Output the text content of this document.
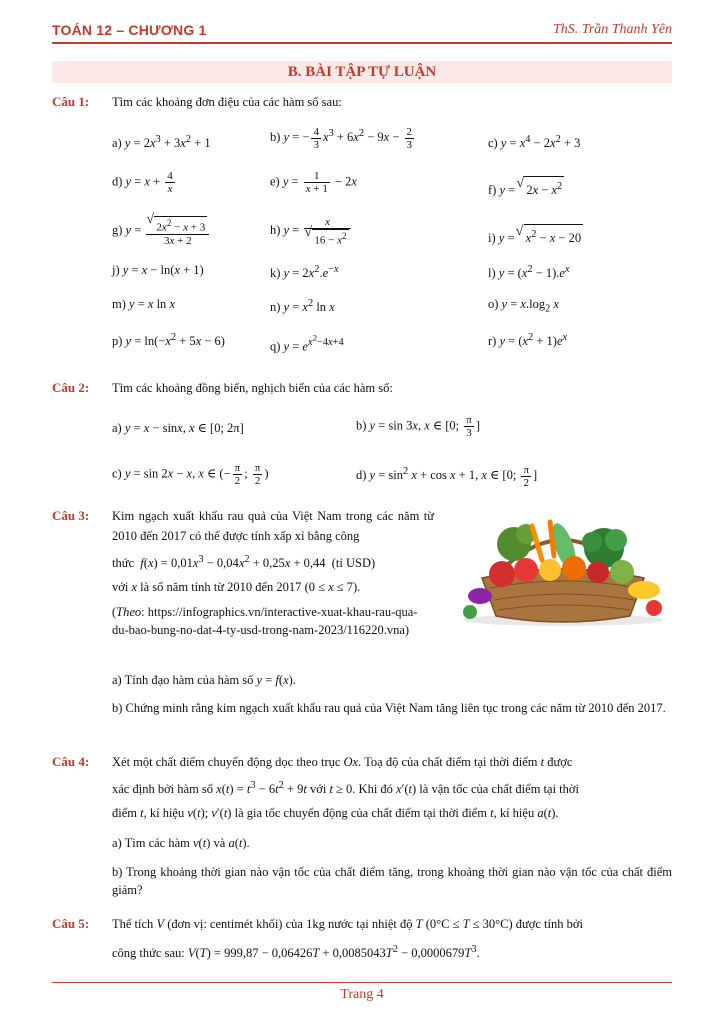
TOÁN 12 – CHƯƠNG 1	ThS. Trần Thanh Yên
B. BÀI TẬP TỰ LUẬN
Câu 1: Tìm các khoảng đơn điệu của các hàm số sau:
a) $y = 2x^3 + 3x^2 + 1$	b) y = − $\frac{4}{3} x^3 + 6x^2 - 9x - \frac{2}{3}$	c) $y = x^4 - 2x^2 + 3$
d) $y = x + \frac{4}{x}$	e) $y = \frac{1}{x + 1} - 2x$
f) y = √ $2x - x^2$
g) y =
√ $\frac{2x^2 - x + 3}{3x + 2}$	h) y = x
√ $16 - x^2$	i) y = √ $x^2 - x - 20$
j) y = x − ln(x + 1)	k) $y = 2x^2.e^{-x}$	l) $y = (x^2 - 1).e^x$
m) y = x ln x	n) $y = x^2$ ln x	o) $y = x.\log_2$ x
p) $y = \ln(-x^2 + 5x - 6)$	q) $y = e^{x^2-4x+4}$	r) $y = (x^2 + 1)e^x$
Câu 2: Tìm các khoảng đồng biến, nghịch biến của các hàm số:
a) y = x − sinx, x ∈ [0; 2π]	b) y = sin 3x, x ∈ [0; $\frac{\pi}{3}$ ]
c) y = sin 2x − x, x ∈ (− $\frac{\pi}{2}$ ; $\frac{\pi}{2}$ )	d) $y = \sin^2 x + \cos x + 1$, x ∈ [0; $\frac{\pi}{2}$ ]
Câu 3: Kim ngạch xuất khẩu rau quả của Việt Nam trong các năm từ 2010 đến 2017 có thể được tính xấp xỉ bằng công
thức $f(x) = 0,01x^3 - 0,04x^2 + 0,25x + 0,44$  (tỉ USD)
với x là số năm tính từ 2010 đến 2017 (0 ≤ x ≤ 7).
(Theo: https://infographics.vn/interactive-xuat-khau-rau-qua-du-bao-bung-no-dat-4-ty-usd-trong-nam-2023/116220.vna)
a) Tính đạo hàm của hàm số y = f(x).
b) Chứng minh rằng kim ngạch xuất khẩu rau quả của Việt Nam tăng liên tục trong các năm từ 2010 đến 2017.
Câu 4: Xét một chất điểm chuyển động dọc theo trục Ox. Toạ độ của chất điểm tại thời điểm t được
xác định bởi hàm số $x(t) = t^3 - 6t^2 + 9t$ với t ≥ 0. Khi đó x′(t) là vận tốc của chất điểm tại thời
điểm t, kí hiệu v(t); v′(t) là gia tốc chuyển động của chất điểm tại thời điểm t, kí hiệu a(t).
a) Tìm các hàm v(t) và a(t).
b) Trong khoảng thời gian nào vận tốc của chất điểm tăng, trong khoảng thời gian nào vận tốc của chất điểm giảm?
Câu 5: Thể tích V (đơn vị: centimét khối) của 1kg nước tại nhiệt độ T (0°C ≤ T ≤ 30°C) được tính bởi
công thức sau: $V(T) = 999,87 - 0,06426T + 0,0085043T^2 - 0,0000679T^3$.
Trang 4
